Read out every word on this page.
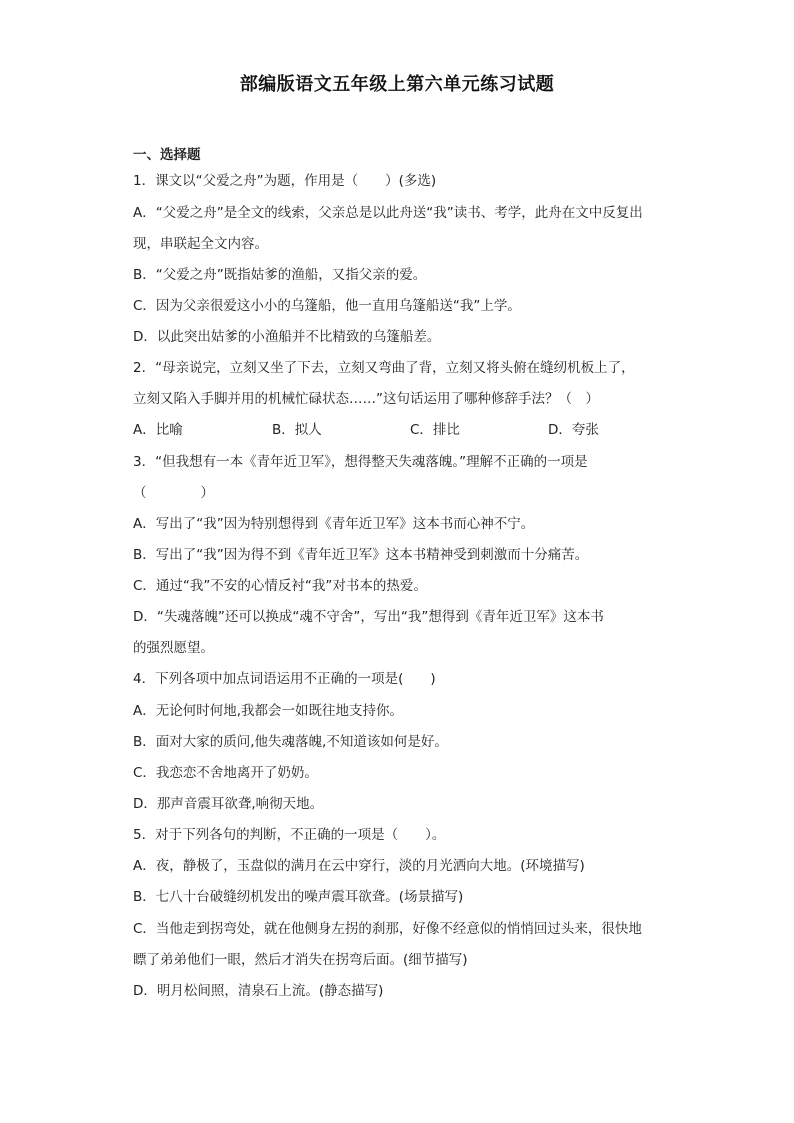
部编版语文五年级上第六单元练习试题
一、选择题
1．课文以“父爱之舟”为题，作用是（　　）(多选)
A．“父爱之舟”是全文的线索，父亲总是以此舟送“我”读书、考学，此舟在文中反复出
现，串联起全文内容。
B．“父爱之舟”既指姑爹的渔船，又指父亲的爱。
C．因为父亲很爱这小小的乌篷船，他一直用乌篷船送“我”上学。
D．以此突出姑爹的小渔船并不比精致的乌篷船差。
2．“母亲说完，立刻又坐了下去，立刻又弯曲了背，立刻又将头俯在缝纫机板上了，
立刻又陷入手脚并用的机械忙碌状态……”这句话运用了哪种修辞手法？（　）
A．比喻	B．拟人	C．排比	D．夸张
3．“但我想有一本《青年近卫军》，想得整天失魂落魄。”理解不正确的一项是
（　　　　）
A．写出了“我”因为特别想得到《青年近卫军》这本书而心神不宁。
B．写出了“我”因为得不到《青年近卫军》这本书精神受到刺激而十分痛苦。
C．通过“我”不安的心情反衬“我”对书本的热爱。
D．“失魂落魄”还可以换成“魂不守舍”，写出“我”想得到《青年近卫军》这本书
的强烈愿望。
4．下列各项中加点词语运用不正确的一项是(　　)
A．无论何时何地,我都会一如既往地支持你。
B．面对大家的质问,他失魂落魄,不知道该如何是好。
C．我恋恋不舍地离开了奶奶。
D．那声音震耳欲聋,响彻天地。
5．对于下列各句的判断，不正确的一项是（　　）。
A．夜，静极了，玉盘似的满月在云中穿行，淡的月光洒向大地。(环境描写)
B．七八十台破缝纫机发出的噪声震耳欲聋。(场景描写)
C．当他走到拐弯处，就在他侧身左拐的刹那，好像不经意似的悄悄回过头来，很快地
瞟了弟弟他们一眼，然后才消失在拐弯后面。(细节描写)
D．明月松间照，清泉石上流。(静态描写)
